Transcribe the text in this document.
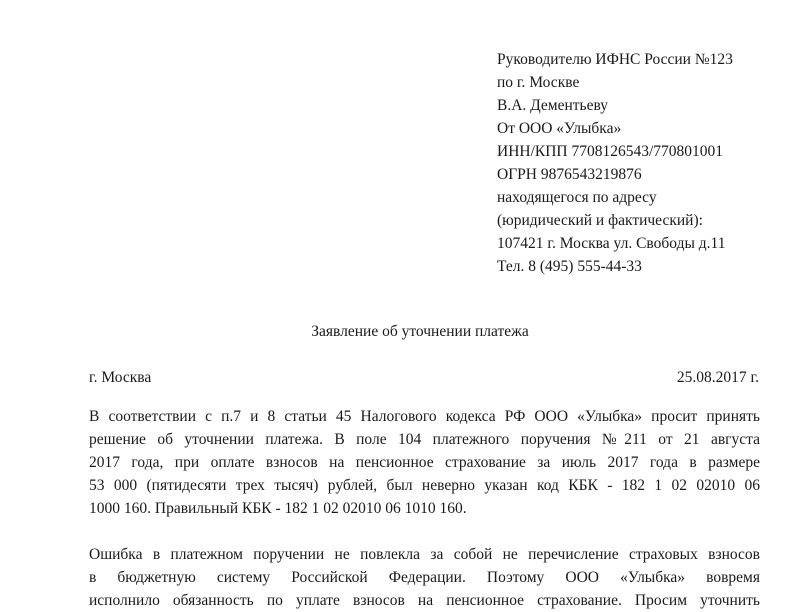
Руководителю ИФНС России №123
по г. Москве
В.А. Дементьеву
От ООО «Улыбка»
ИНН/КПП 7708126543/770801001
ОГРН 9876543219876
находящегося по адресу
(юридический и фактический):
107421 г. Москва ул. Свободы д.11
Тел. 8 (495) 555-44-33
Заявление об уточнении платежа
г. Москва	25.08.2017 г.
В соответствии с п.7 и 8 статьи 45 Налогового кодекса РФ ООО «Улыбка» просит принять
решение об уточнении платежа. В поле 104 платежного поручения №211 от 21 августа
2017 года, при оплате взносов на пенсионное страхование за июль 2017 года в размере
53 000 (пятидесяти трех тысяч) рублей, был неверно указан код КБК - 182 1 02 02010 06
1000 160. Правильный КБК - 182 1 02 02010 06 1010 160.
Ошибка в платежном поручении не повлекла за собой не перечисление страховых взносов
в бюджетную систему Российской Федерации. Поэтому ООО «Улыбка» вовремя
исполнило обязанность по уплате взносов на пенсионное страхование. Просим уточнить
